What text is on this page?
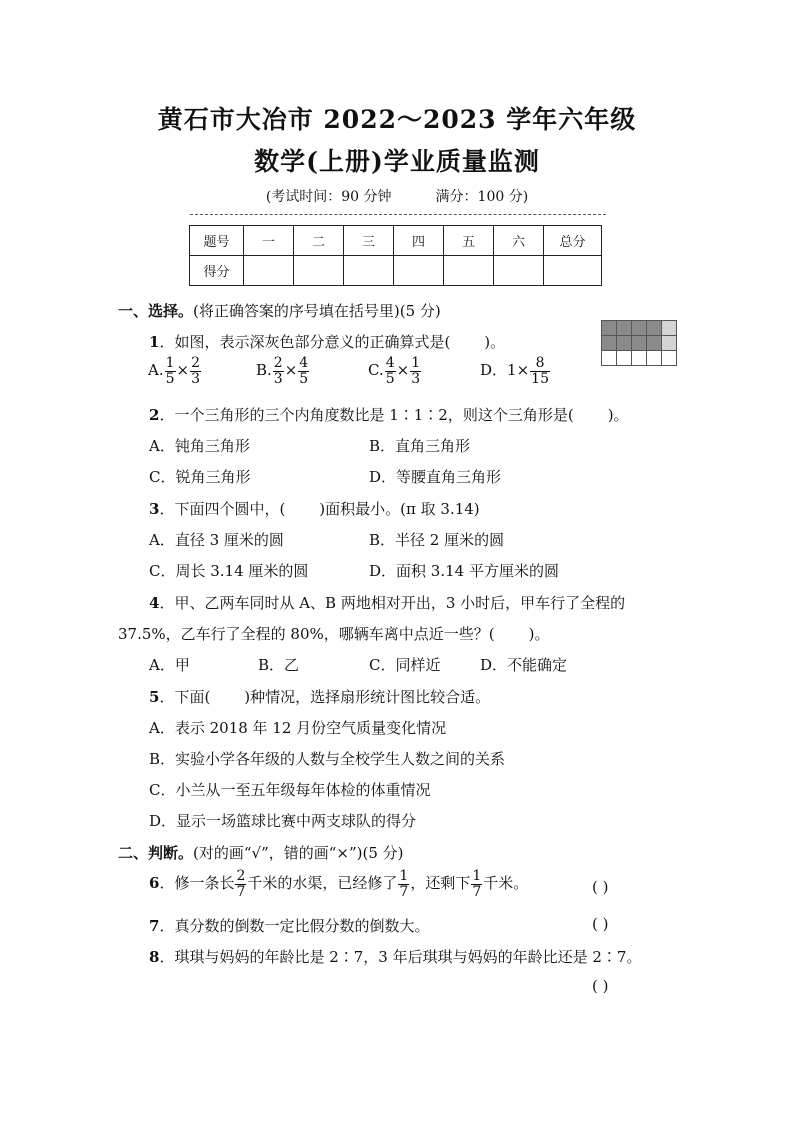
黄石市大冶市 2022～2023 学年六年级
数学(上册)学业质量监测
(考试时间：90 分钟	满分：100 分)
题号	一	二	三	四	五	六	总分
得分							
一、选择。(将正确答案的序号填在括号里)(5 分)
1．如图，表示深灰色部分意义的正确算式是( )。
A. $\frac{1}{5} \times \frac{2}{3}$	B. $\frac{2}{3} \times \frac{4}{5}$	C. $\frac{4}{5} \times \frac{1}{3}$	D．$1\times \frac{8}{15}$
2．一个三角形的三个内角度数比是 1∶1∶2，则这个三角形是( )。
A．钝角三角形	B．直角三角形
C．锐角三角形	D．等腰直角三角形
3．下面四个圆中，( )面积最小。(π 取 3.14)
A．直径 3 厘米的圆	B．半径 2 厘米的圆
C．周长 3.14 厘米的圆	D．面积 3.14 平方厘米的圆
4．甲、乙两车同时从 A、B 两地相对开出，3 小时后，甲车行了全程的
37.5%，乙车行了全程的 80%，哪辆车离中点近一些？( )。
A．甲	B．乙	C．同样近	D．不能确定
5．下面( )种情况，选择扇形统计图比较合适。
A．表示 2018 年 12 月份空气质量变化情况
B．实验小学各年级的人数与全校学生人数之间的关系
C．小兰从一至五年级每年体检的体重情况
D．显示一场篮球比赛中两支球队的得分
二、判断。(对的画“√”，错的画“×”)(5 分)
6．修一条长 $\frac{2}{7}$ 千米的水渠，已经修了 $\frac{1}{7}$ ，还剩下 $\frac{1}{7}$ 千米。	( )
7．真分数的倒数一定比假分数的倒数大。	( )
8．琪琪与妈妈的年龄比是 2∶7，3 年后琪琪与妈妈的年龄比还是 2∶7。
( )
